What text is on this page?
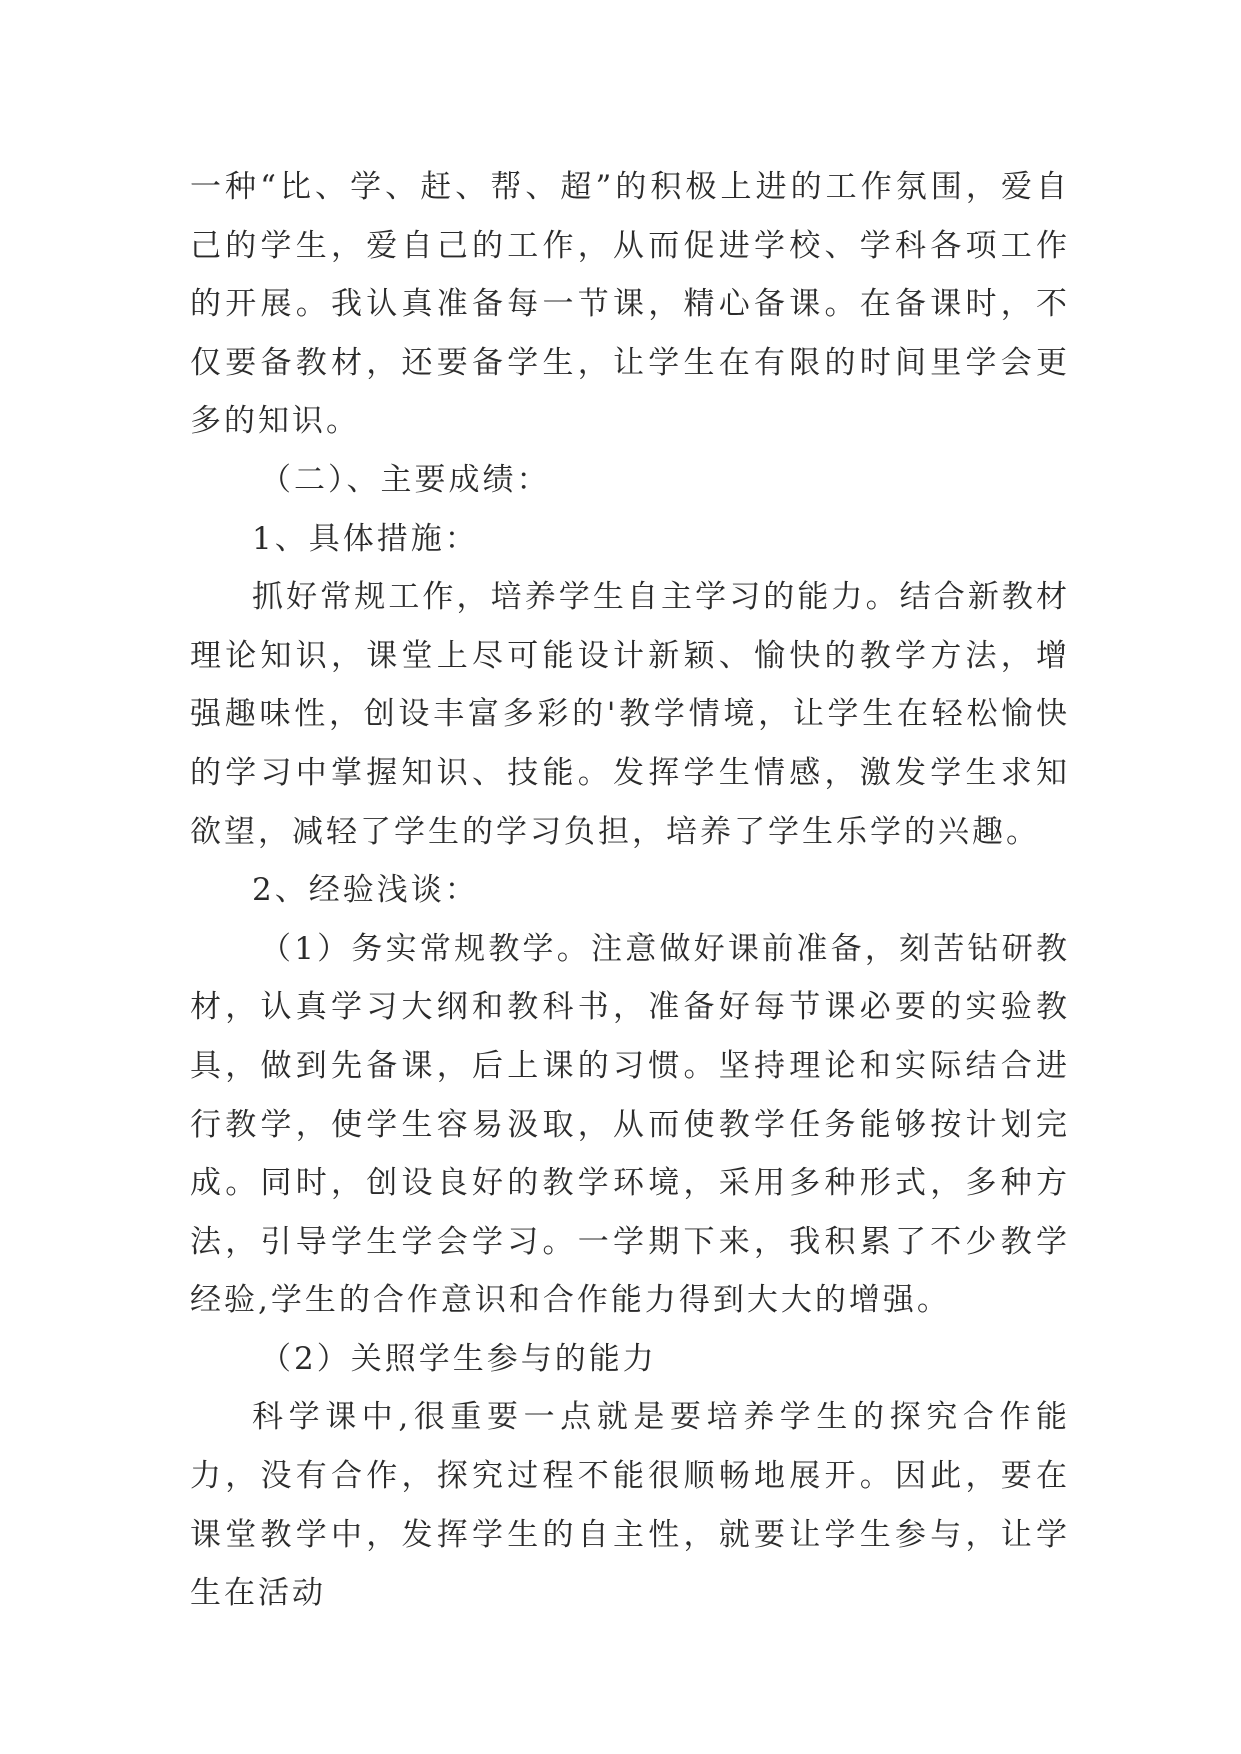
一种“比、学、赶、帮、超”的积极上进的工作氛围，爱自己的学生，爱自己的工作，从而促进学校、学科各项工作的开展。我认真准备每一节课，精心备课。在备课时，不仅要备教材，还要备学生，让学生在有限的时间里学会更多的知识。

（二）、主要成绩：

1、具体措施：

抓好常规工作，培养学生自主学习的能力。结合新教材理论知识，课堂上尽可能设计新颖、愉快的教学方法，增强趣味性，创设丰富多彩的'教学情境，让学生在轻松愉快的学习中掌握知识、技能。发挥学生情感，激发学生求知欲望，减轻了学生的学习负担，培养了学生乐学的兴趣。

2、经验浅谈：

（1）务实常规教学。注意做好课前准备，刻苦钻研教材，认真学习大纲和教科书，准备好每节课必要的实验教具，做到先备课，后上课的习惯。坚持理论和实际结合进行教学，使学生容易汲取，从而使教学任务能够按计划完成。同时，创设良好的教学环境，采用多种形式，多种方法，引导学生学会学习。一学期下来，我积累了不少教学经验,学生的合作意识和合作能力得到大大的增强。

（2）关照学生参与的能力

科学课中,很重要一点就是要培养学生的探究合作能力，没有合作，探究过程不能很顺畅地展开。因此，要在课堂教学中，发挥学生的自主性，就要让学生参与，让学生在活动
